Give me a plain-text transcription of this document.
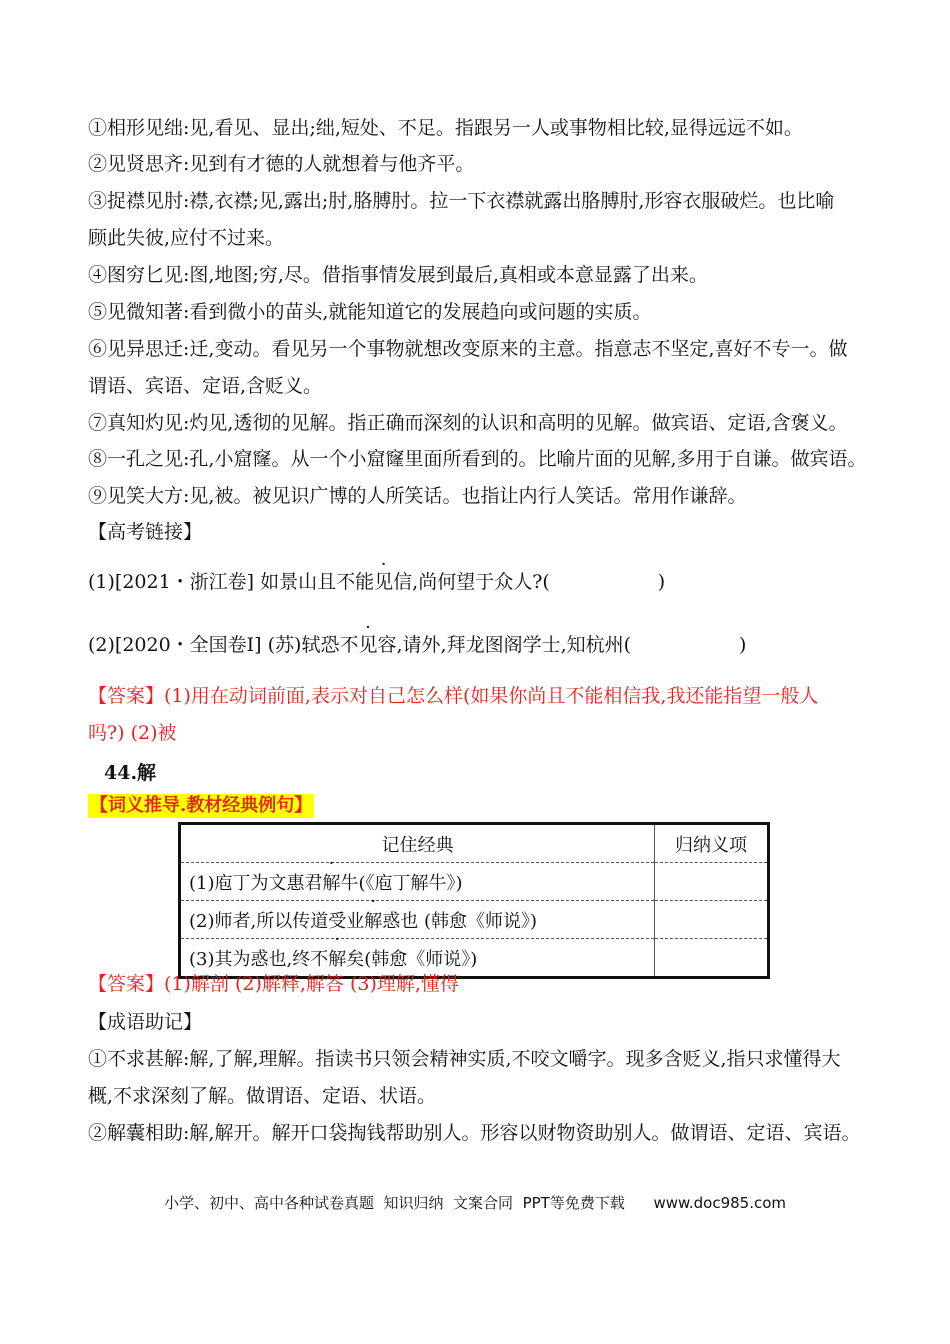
①相形见绌:见,看见、显出;绌,短处、不足。指跟另一人或事物相比较,显得远远不如。
②见贤思齐:见到有才德的人就想着与他齐平。
③捉襟见肘:襟,衣襟;见,露出;肘,胳膊肘。拉一下衣襟就露出胳膊肘,形容衣服破烂。也比喻
顾此失彼,应付不过来。
④图穷匕见:图,地图;穷,尽。借指事情发展到最后,真相或本意显露了出来。
⑤见微知著:看到微小的苗头,就能知道它的发展趋向或问题的实质。
⑥见异思迁:迁,变动。看见另一个事物就想改变原来的主意。指意志不坚定,喜好不专一。做
谓语、宾语、定语,含贬义。
⑦真知灼见:灼见,透彻的见解。指正确而深刻的认识和高明的见解。做宾语、定语,含褒义。
⑧一孔之见:孔,小窟窿。从一个小窟窿里面所看到的。比喻片面的见解,多用于自谦。做宾语。
⑨见笑大方:见,被。被见识广博的人所笑话。也指让内行人笑话。常用作谦辞。
【高考链接】
(1)[2021・浙江卷] 如景山且不能见信,尚何望于众人?(	)
(2)[2020・全国卷Ⅰ] (苏)轼恐不见容,请外,拜龙图阁学士,知杭州(	)
【答案】(1)用在动词前面,表示对自己怎么样(如果你尚且不能相信我,我还能指望一般人
吗?) (2)被
44.解
【词义推导.教材经典例句】
记住经典	归纳义项
(1)庖丁为文惠君解牛(《庖丁解牛》)	
(2)师者,所以传道受业解惑也 (韩愈《师说》)	
(3)其为惑也,终不解矣(韩愈《师说》)	
【答案】(1)解剖 (2)解释,解答 (3)理解,懂得
【成语助记】
①不求甚解:解,了解,理解。指读书只领会精神实质,不咬文嚼字。现多含贬义,指只求懂得大
概,不求深刻了解。做谓语、定语、状语。
②解囊相助:解,解开。解开口袋掏钱帮助别人。形容以财物资助别人。做谓语、定语、宾语。
小学、初中、高中各种试卷真题  知识归纳  文案合同  PPT等免费下载      www.doc985.com
